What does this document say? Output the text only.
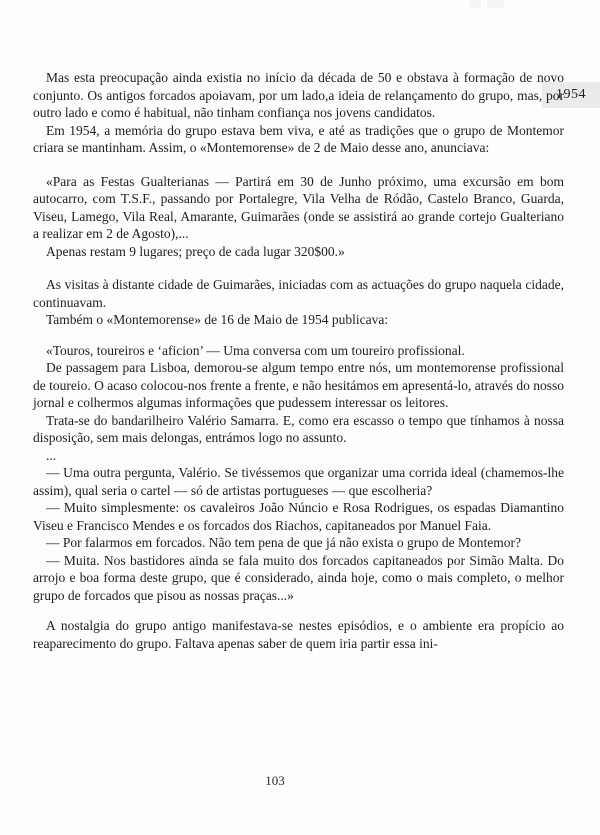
1954

Mas esta preocupação ainda existia no início da década de 50 e obstava à formação de novo conjunto. Os antigos forcados apoiavam, por um lado,a ideia de relançamento do grupo, mas, por outro lado e como é habitual, não tinham confiança nos jovens candidatos.

Em 1954, a memória do grupo estava bem viva, e até as tradições que o grupo de Montemor criara se mantinham. Assim, o «Montemorense» de 2 de Maio desse ano, anunciava:

«Para as Festas Gualterianas — Partirá em 30 de Junho próximo, uma excursão em bom autocarro, com T.S.F., passando por Portalegre, Vila Velha de Ródão, Castelo Branco, Guarda, Viseu, Lamego, Vila Real, Amarante, Guimarães (onde se assistirá ao grande cortejo Gualteriano a realizar em 2 de Agosto),...

Apenas restam 9 lugares; preço de cada lugar 320$00.»

As visitas à distante cidade de Guimarães, iniciadas com as actuações do grupo naquela cidade, continuavam.

Também o «Montemorense» de 16 de Maio de 1954 publicava:

«Touros, toureiros e ‘aficion’ — Uma conversa com um toureiro profissional.

De passagem para Lisboa, demorou-se algum tempo entre nós, um montemorense profissional de toureio. O acaso colocou-nos frente a frente, e não hesitámos em apresentá-lo, através do nosso jornal e colhermos algumas informações que pudessem interessar os leitores.

Trata-se do bandarilheiro Valério Samarra. E, como era escasso o tempo que tínhamos à nossa disposição, sem mais delongas, entrámos logo no assunto.

...

— Uma outra pergunta, Valério. Se tivéssemos que organizar uma corrida ideal (chamemos-lhe assim), qual seria o cartel — só de artistas portugueses — que escolheria?

— Muito simplesmente: os cavaleiros João Núncio e Rosa Rodrigues, os espadas Diamantino Viseu e Francisco Mendes e os forcados dos Riachos, capitaneados por Manuel Faia.

— Por falarmos em forcados. Não tem pena de que já não exista o grupo de Montemor?

— Muita. Nos bastidores ainda se fala muito dos forcados capitaneados por Simão Malta. Do arrojo e boa forma deste grupo, que é considerado, ainda hoje, como o mais completo, o melhor grupo de forcados que pisou as nossas praças...»

A nostalgia do grupo antigo manifestava-se nestes episódios, e o ambiente era propício ao reaparecimento do grupo. Faltava apenas saber de quem iria partir essa ini-

103
